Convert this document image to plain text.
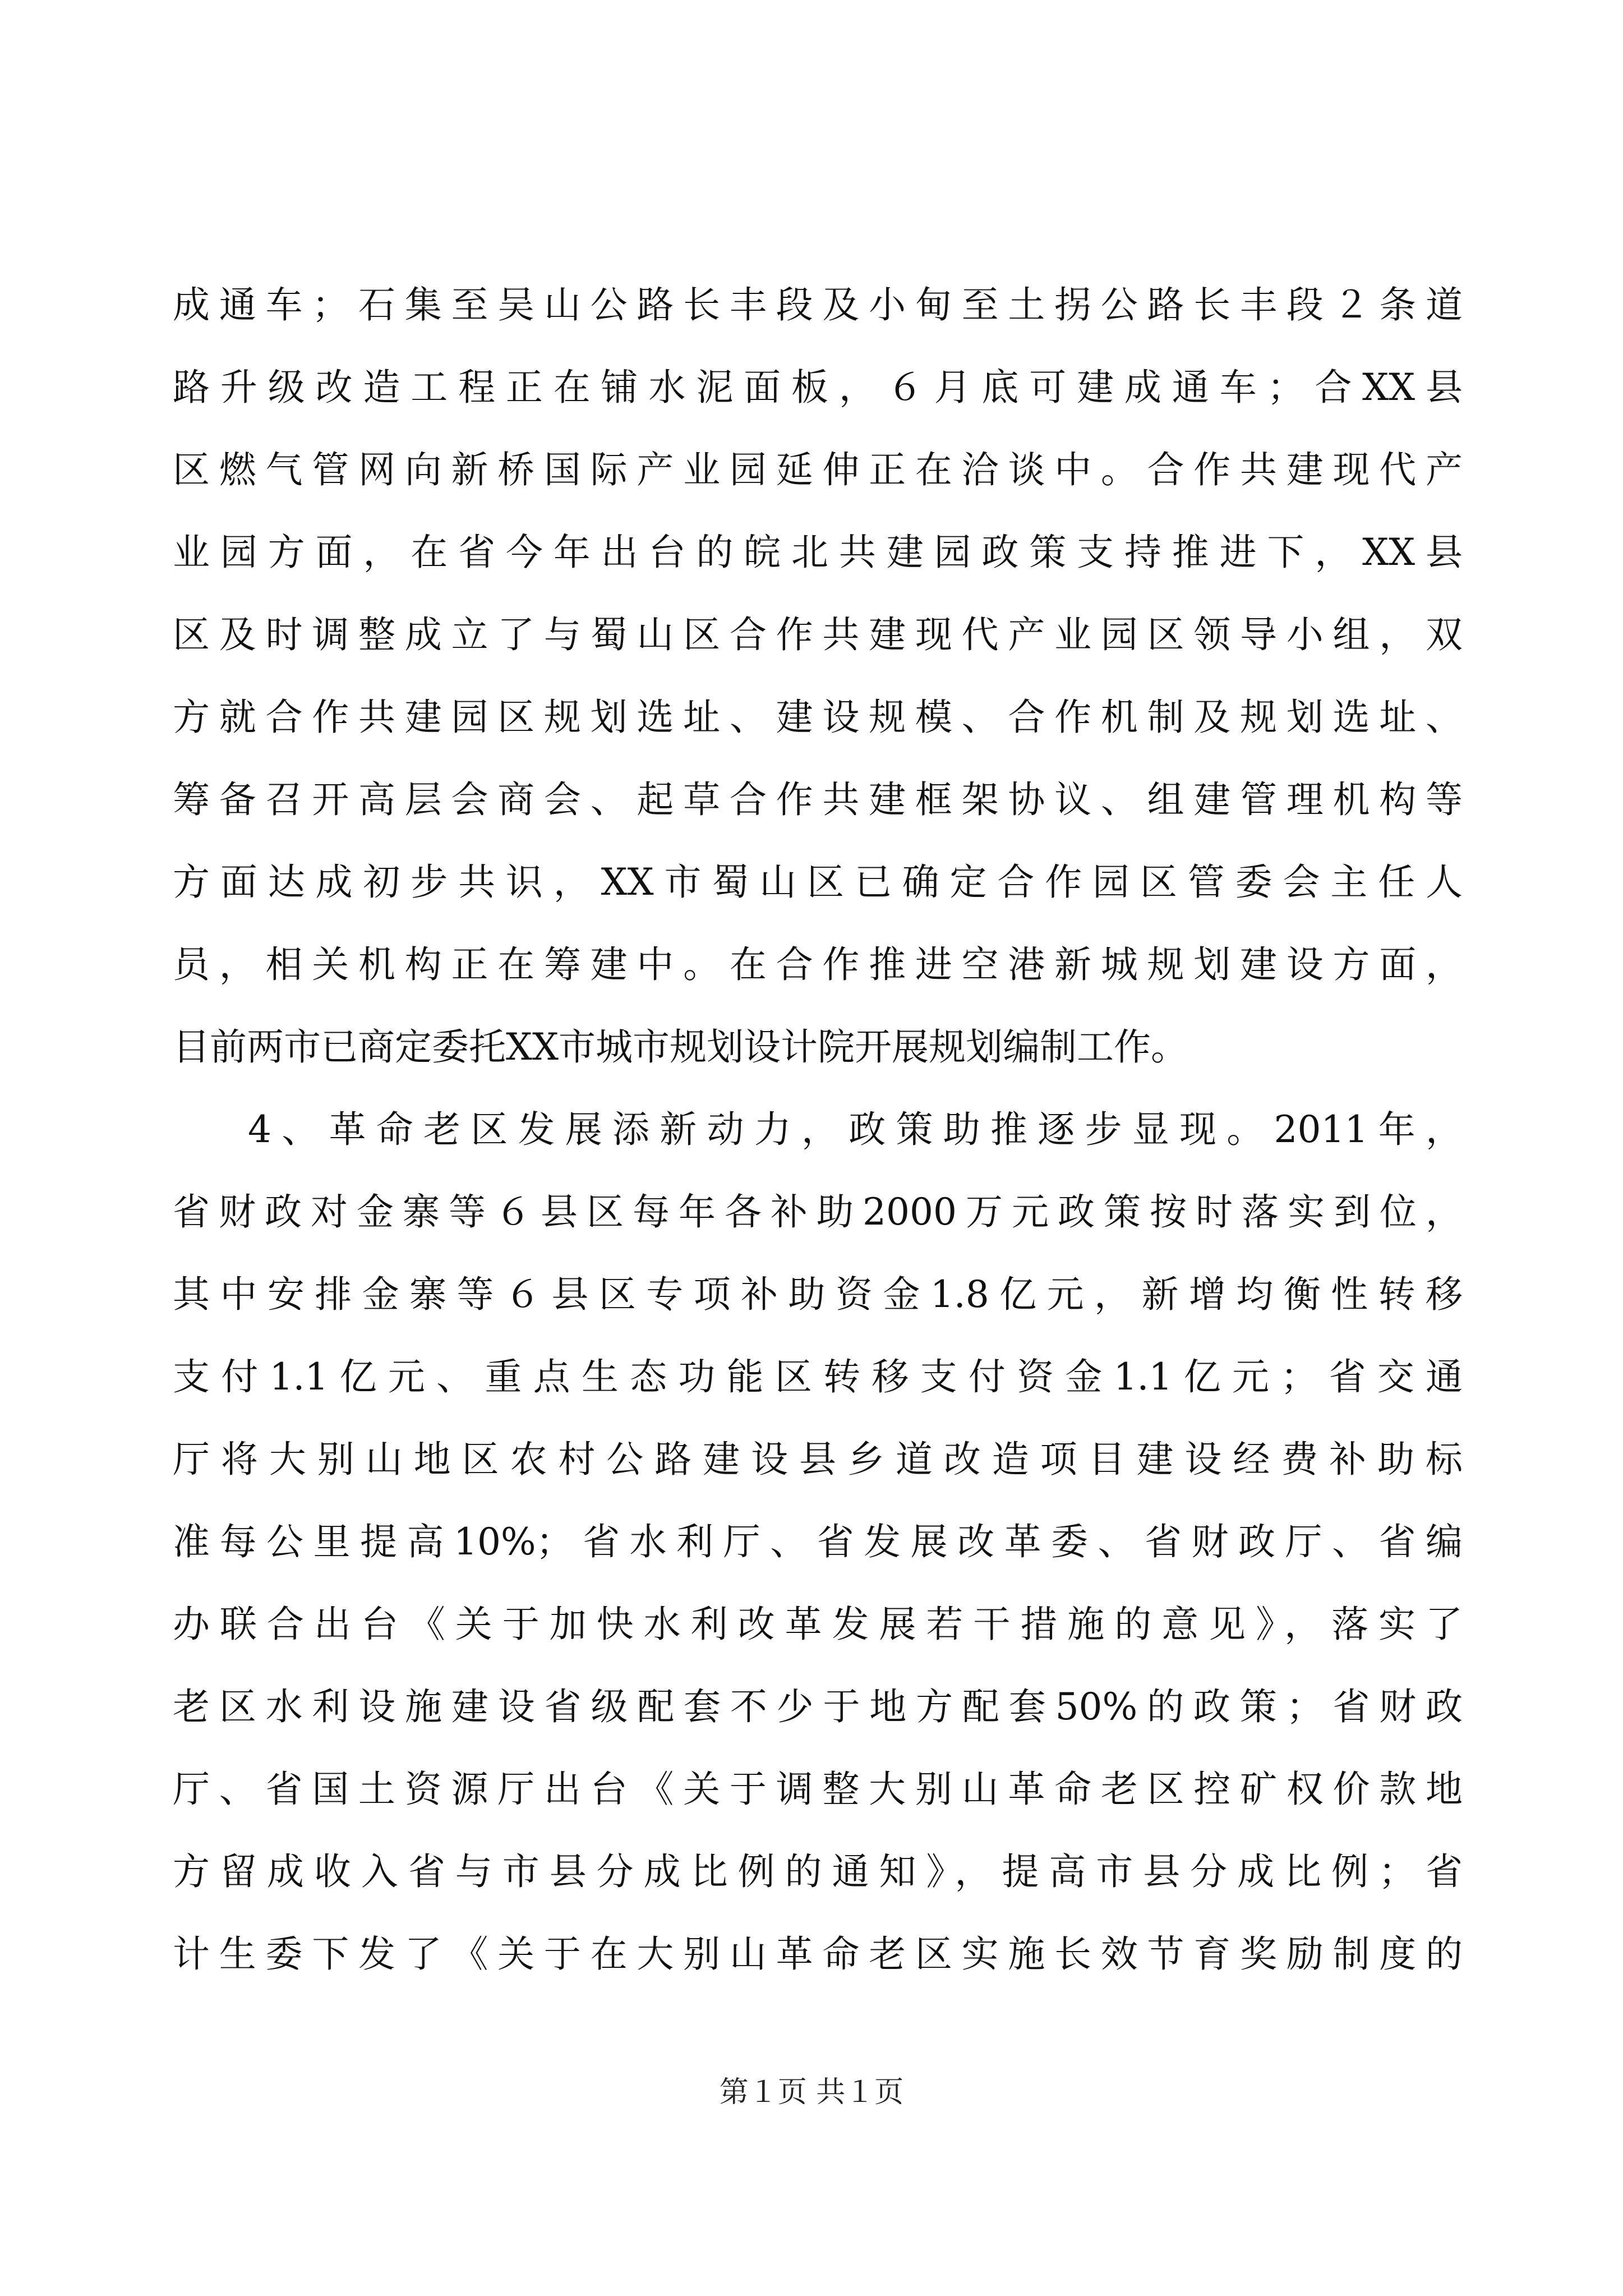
成通车；石集至吴山公路长丰段及小甸至土拐公路长丰段２条道
路升级改造工程正在铺水泥面板，６月底可建成通车；合XX县
区燃气管网向新桥国际产业园延伸正在洽谈中。合作共建现代产
业园方面，在省今年出台的皖北共建园政策支持推进下，XX县
区及时调整成立了与蜀山区合作共建现代产业园区领导小组，双
方就合作共建园区规划选址、建设规模、合作机制及规划选址、
筹备召开高层会商会、起草合作共建框架协议、组建管理机构等
方面达成初步共识，XX市蜀山区已确定合作园区管委会主任人
员，相关机构正在筹建中。在合作推进空港新城规划建设方面，
目前两市已商定委托XX市城市规划设计院开展规划编制工作。
4、革命老区发展添新动力，政策助推逐步显现。2011年，
省财政对金寨等６县区每年各补助2000万元政策按时落实到位，
其中安排金寨等６县区专项补助资金1.8亿元，新增均衡性转移
支付1.1亿元、重点生态功能区转移支付资金1.1亿元；省交通
厅将大别山地区农村公路建设县乡道改造项目建设经费补助标
准每公里提高10%；省水利厅、省发展改革委、省财政厅、省编
办联合出台《关于加快水利改革发展若干措施的意见》，落实了
老区水利设施建设省级配套不少于地方配套50%的政策；省财政
厅、省国土资源厅出台《关于调整大别山革命老区控矿权价款地
方留成收入省与市县分成比例的通知》，提高市县分成比例；省
计生委下发了《关于在大别山革命老区实施长效节育奖励制度的
第１页 共１页
